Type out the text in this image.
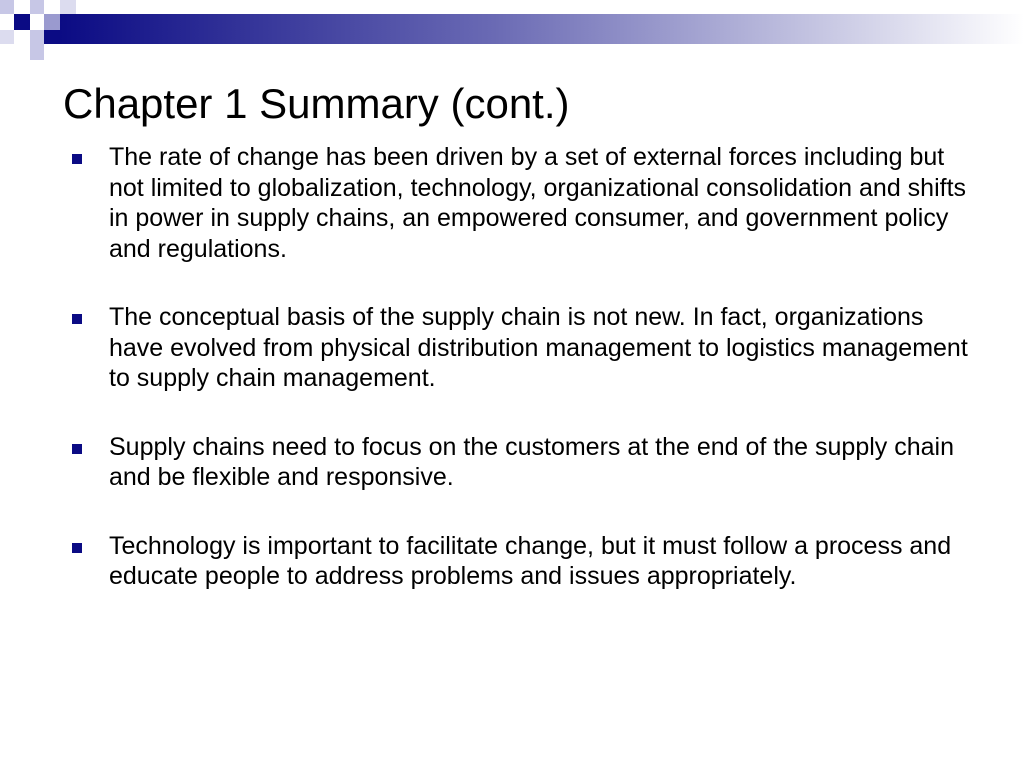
Chapter 1 Summary (cont.)
The rate of change has been driven by a set of external forces including but not limited to globalization, technology, organizational consolidation and shifts in power in supply chains, an empowered consumer, and government policy and regulations.
The conceptual basis of the supply chain is not new. In fact, organizations have evolved from physical distribution management to logistics management to supply chain management.
Supply chains need to focus on the customers at the end of the supply chain and be flexible and responsive.
Technology is important to facilitate change, but it must follow a process and educate people to address problems and issues appropriately.
